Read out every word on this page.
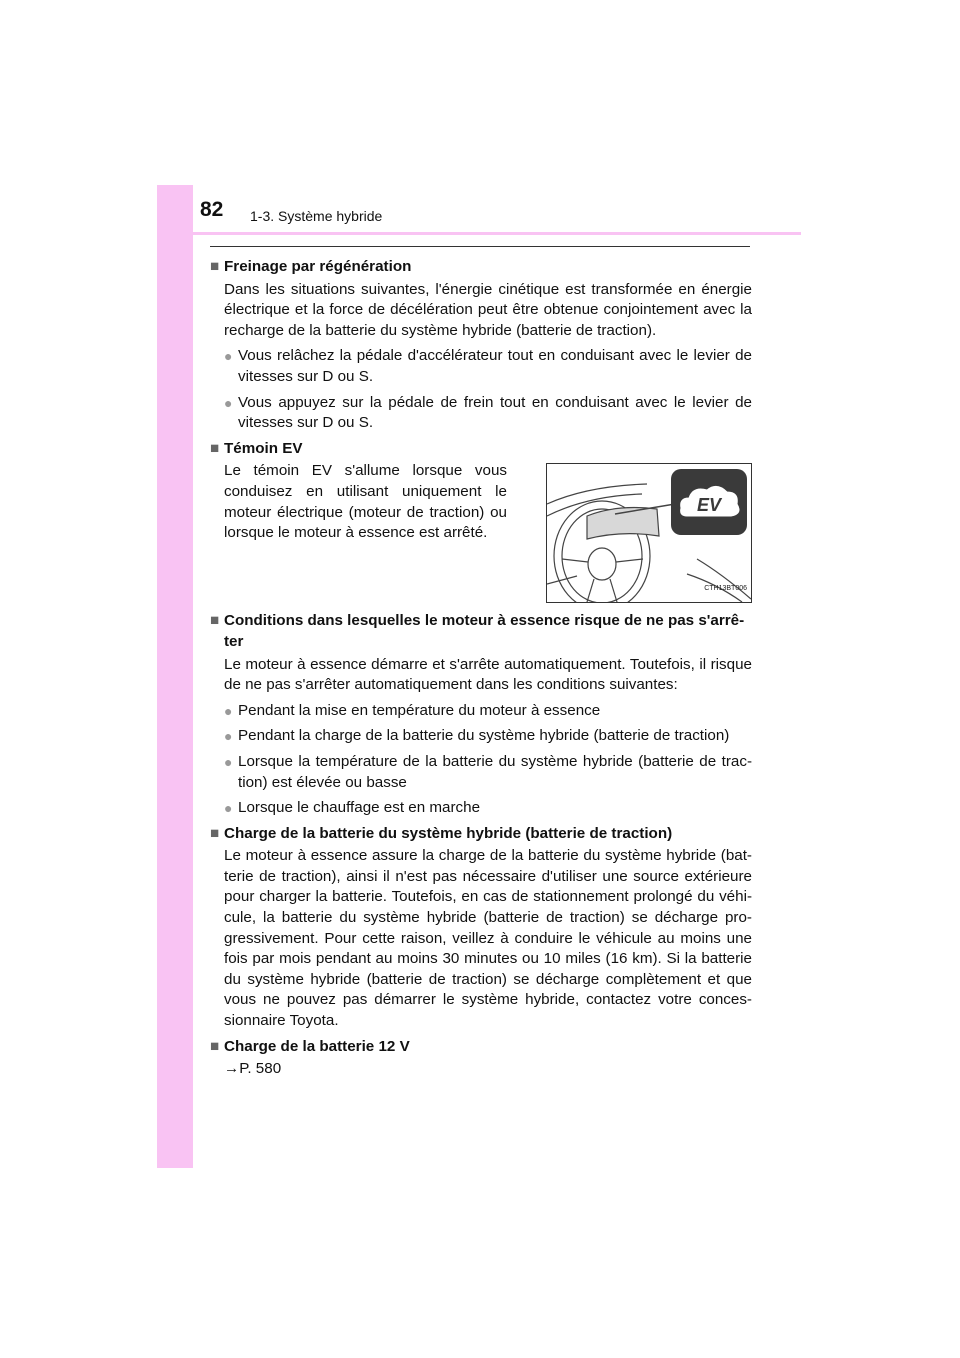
82 1-3. Système hybride
■ Freinage par régénération
Dans les situations suivantes, l'énergie cinétique est transformée en énergie électrique et la force de décélération peut être obtenue conjointement avec la recharge de la batterie du système hybride (batterie de traction).
● Vous relâchez la pédale d'accélérateur tout en conduisant avec le levier de vitesses sur D ou S.
● Vous appuyez sur la pédale de frein tout en conduisant avec le levier de vitesses sur D ou S.
■ Témoin EV
Le témoin EV s'allume lorsque vous conduisez en utilisant uniquement le moteur électrique (moteur de traction) ou lorsque le moteur à essence est arrêté.
EV
CTH13BT006
■ Conditions dans lesquelles le moteur à essence risque de ne pas s'arrê-ter
Le moteur à essence démarre et s'arrête automatiquement. Toutefois, il risque de ne pas s'arrêter automatiquement dans les conditions suivantes:
● Pendant la mise en température du moteur à essence
● Pendant la charge de la batterie du système hybride (batterie de traction)
● Lorsque la température de la batterie du système hybride (batterie de trac-tion) est élevée ou basse
● Lorsque le chauffage est en marche
■ Charge de la batterie du système hybride (batterie de traction)
Le moteur à essence assure la charge de la batterie du système hybride (bat-terie de traction), ainsi il n'est pas nécessaire d'utiliser une source extérieure pour charger la batterie. Toutefois, en cas de stationnement prolongé du véhi-cule, la batterie du système hybride (batterie de traction) se décharge pro-gressivement. Pour cette raison, veillez à conduire le véhicule au moins une fois par mois pendant au moins 30 minutes ou 10 miles (16 km). Si la batterie du système hybride (batterie de traction) se décharge complètement et que vous ne pouvez pas démarrer le système hybride, contactez votre conces-sionnaire Toyota.
■ Charge de la batterie 12 V
→P. 580
